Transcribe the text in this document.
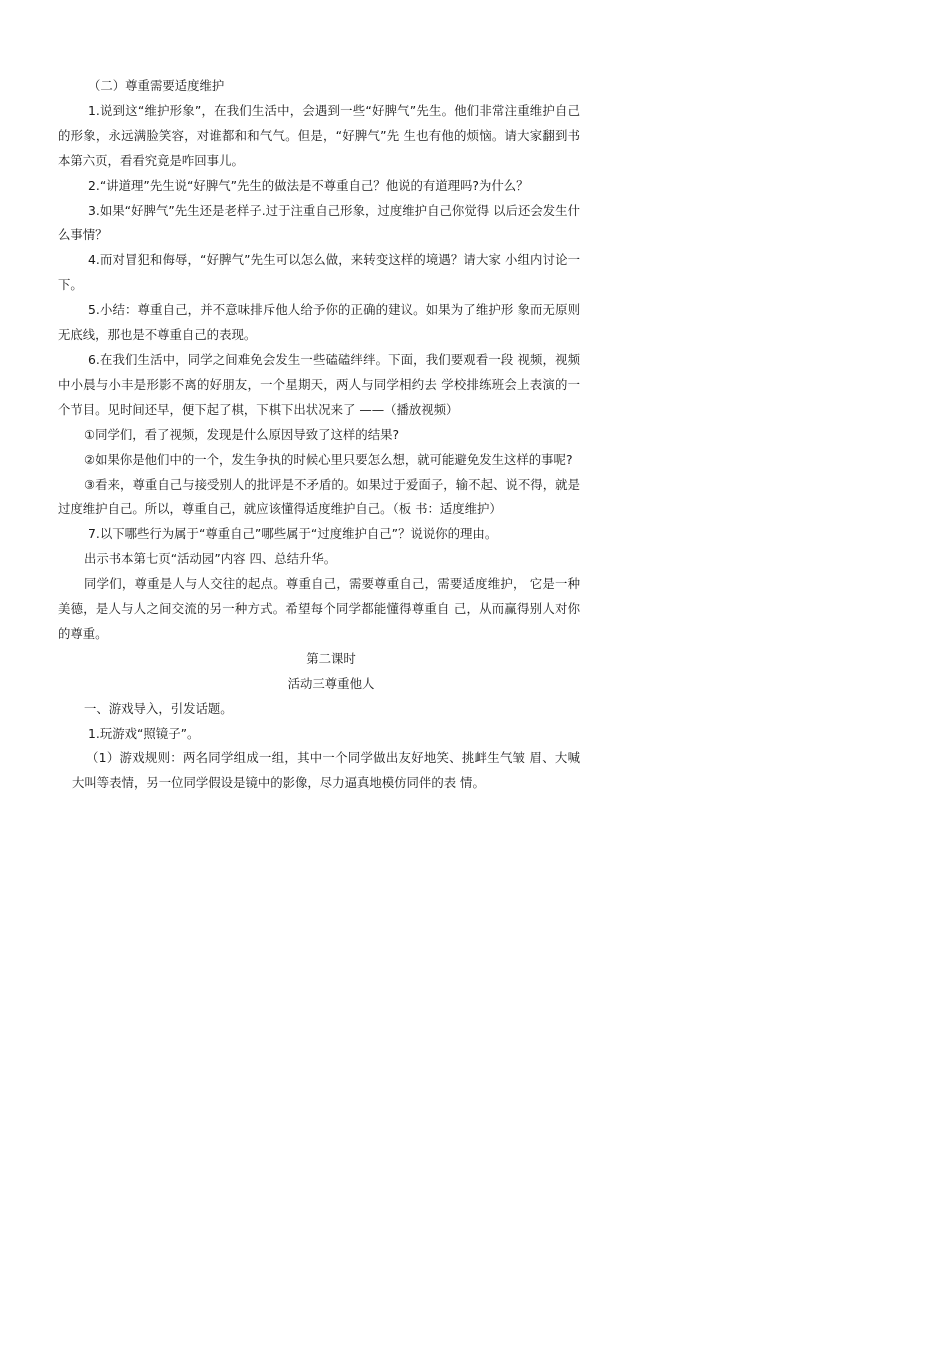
（二）尊重需要适度维护

1.说到这“维护形象”，在我们生活中，会遇到一些“好脾气”先生。他们非常注重维护自己的形象，永远满脸笑容，对谁都和和气气。但是，“好脾气”先 生也有他的烦恼。请大家翻到书本第六页，看看究竟是咋回事儿。

2.“讲道理”先生说“好脾气”先生的做法是不尊重自己？他说的有道理吗?为什么？

3.如果“好脾气”先生还是老样子.过于注重自己形象，过度维护自己你觉得 以后还会发生什么事情？

4.而对冒犯和侮辱，“好脾气”先生可以怎么做，来转变这样的境遇？请大家 小组内讨论一下。

5.小结：尊重自己，并不意味排斥他人给予你的正确的建议。如果为了维护形 象而无原则无底线，那也是不尊重自己的表现。

6.在我们生活中，同学之间难免会发生一些磕磕绊绊。下面，我们要观看一段 视频，视频中小晨与小丰是形影不离的好朋友，一个星期天，两人与同学相约去 学校排练班会上表演的一个节目。见时间还早，便下起了棋，下棋下出状况来了 ——（播放视频）

①同学们，看了视频，发现是什么原因导致了这样的结果?

②如果你是他们中的一个，发生争执的时候心里只要怎么想，就可能避免发生这样的事呢?

③看来，尊重自己与接受别人的批评是不矛盾的。如果过于爱面子，输不起、说不得，就是过度维护自己。所以，尊重自己，就应该懂得适度维护自己。（板 书：适度维护）

7.以下哪些行为属于“尊重自己”哪些属于“过度维护自己”？说说你的理由。

出示书本第七页“活动园”内容 四、总结升华。

同学们，尊重是人与人交往的起点。尊重自己，需要尊重自己，需要适度维护， 它是一种美德，是人与人之间交流的另一种方式。希望每个同学都能懂得尊重自 己，从而赢得别人对你的尊重。

第二课时

活动三尊重他人

一、游戏导入，引发话题。

1.玩游戏“照镜子”。

（1）游戏规则：两名同学组成一组，其中一个同学做出友好地笑、挑衅生气皱 眉、大喊大叫等表情，另一位同学假设是镜中的影像，尽力逼真地模仿同伴的表 情。
